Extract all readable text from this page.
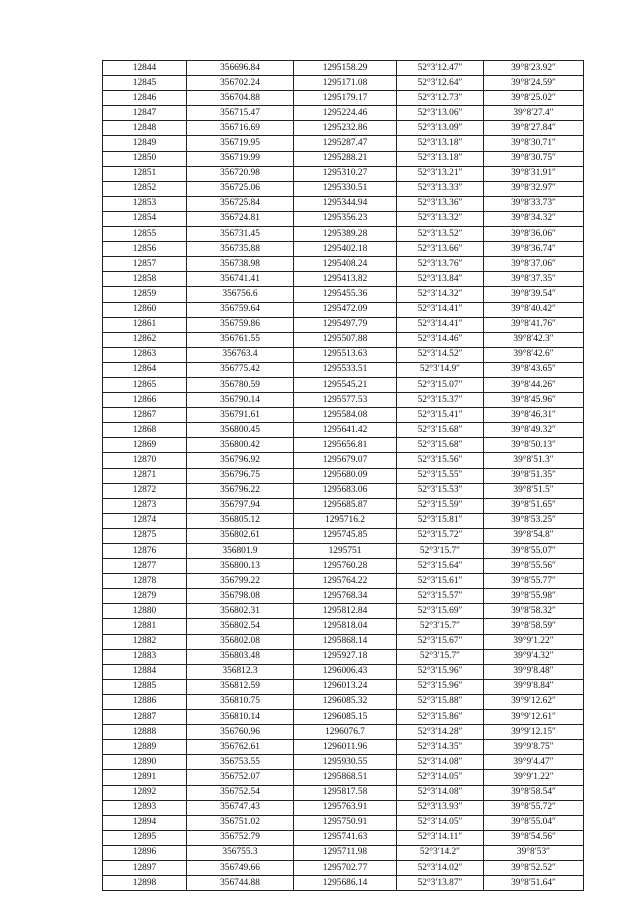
12844	356696.84	1295158.29	52°3′12.47″	39°8′23.92″
12845	356702.24	1295171.08	52°3′12.64″	39°8′24.59″
12846	356704.88	1295179.17	52°3′12.73″	39°8′25.02″
12847	356715.47	1295224.46	52°3′13.06″	39°8′27.4″
12848	356716.69	1295232.86	52°3′13.09″	39°8′27.84″
12849	356719.95	1295287.47	52°3′13.18″	39°8′30.71″
12850	356719.99	1295288.21	52°3′13.18″	39°8′30.75″
12851	356720.98	1295310.27	52°3′13.21″	39°8′31.91″
12852	356725.06	1295330.51	52°3′13.33″	39°8′32.97″
12853	356725.84	1295344.94	52°3′13.36″	39°8′33.73″
12854	356724.81	1295356.23	52°3′13.32″	39°8′34.32″
12855	356731.45	1295389.28	52°3′13.52″	39°8′36.06″
12856	356735.88	1295402.18	52°3′13.66″	39°8′36.74″
12857	356738.98	1295408.24	52°3′13.76″	39°8′37.06″
12858	356741.41	1295413.82	52°3′13.84″	39°8′37.35″
12859	356756.6	1295455.36	52°3′14.32″	39°8′39.54″
12860	356759.64	1295472.09	52°3′14.41″	39°8′40.42″
12861	356759.86	1295497.79	52°3′14.41″	39°8′41.76″
12862	356761.55	1295507.88	52°3′14.46″	39°8′42.3″
12863	356763.4	1295513.63	52°3′14.52″	39°8′42.6″
12864	356775.42	1295533.51	52°3′14.9″	39°8′43.65″
12865	356780.59	1295545.21	52°3′15.07″	39°8′44.26″
12866	356790.14	1295577.53	52°3′15.37″	39°8′45.96″
12867	356791.61	1295584.08	52°3′15.41″	39°8′46.31″
12868	356800.45	1295641.42	52°3′15.68″	39°8′49.32″
12869	356800.42	1295656.81	52°3′15.68″	39°8′50.13″
12870	356796.92	1295679.07	52°3′15.56″	39°8′51.3″
12871	356796.75	1295680.09	52°3′15.55″	39°8′51.35″
12872	356796.22	1295683.06	52°3′15.53″	39°8′51.5″
12873	356797.94	1295685.87	52°3′15.59″	39°8′51.65″
12874	356805.12	1295716.2	52°3′15.81″	39°8′53.25″
12875	356802.61	1295745.85	52°3′15.72″	39°8′54.8″
12876	356801.9	1295751	52°3′15.7″	39°8′55.07″
12877	356800.13	1295760.28	52°3′15.64″	39°8′55.56″
12878	356799.22	1295764.22	52°3′15.61″	39°8′55.77″
12879	356798.08	1295768.34	52°3′15.57″	39°8′55.98″
12880	356802.31	1295812.84	52°3′15.69″	39°8′58.32″
12881	356802.54	1295818.04	52°3′15.7″	39°8′58.59″
12882	356802.08	1295868.14	52°3′15.67″	39°9′1.22″
12883	356803.48	1295927.18	52°3′15.7″	39°9′4.32″
12884	356812.3	1296006.43	52°3′15.96″	39°9′8.48″
12885	356812.59	1296013.24	52°3′15.96″	39°9′8.84″
12886	356810.75	1296085.32	52°3′15.88″	39°9′12.62″
12887	356810.14	1296085.15	52°3′15.86″	39°9′12.61″
12888	356760.96	1296076.7	52°3′14.28″	39°9′12.15″
12889	356762.61	1296011.96	52°3′14.35″	39°9′8.75″
12890	356753.55	1295930.55	52°3′14.08″	39°9′4.47″
12891	356752.07	1295868.51	52°3′14.05″	39°9′1.22″
12892	356752.54	1295817.58	52°3′14.08″	39°8′58.54″
12893	356747.43	1295763.91	52°3′13.93″	39°8′55.72″
12894	356751.02	1295750.91	52°3′14.05″	39°8′55.04″
12895	356752.79	1295741.63	52°3′14.11″	39°8′54.56″
12896	356755.3	1295711.98	52°3′14.2″	39°8′53″
12897	356749.66	1295702.77	52°3′14.02″	39°8′52.52″
12898	356744.88	1295686.14	52°3′13.87″	39°8′51.64″
